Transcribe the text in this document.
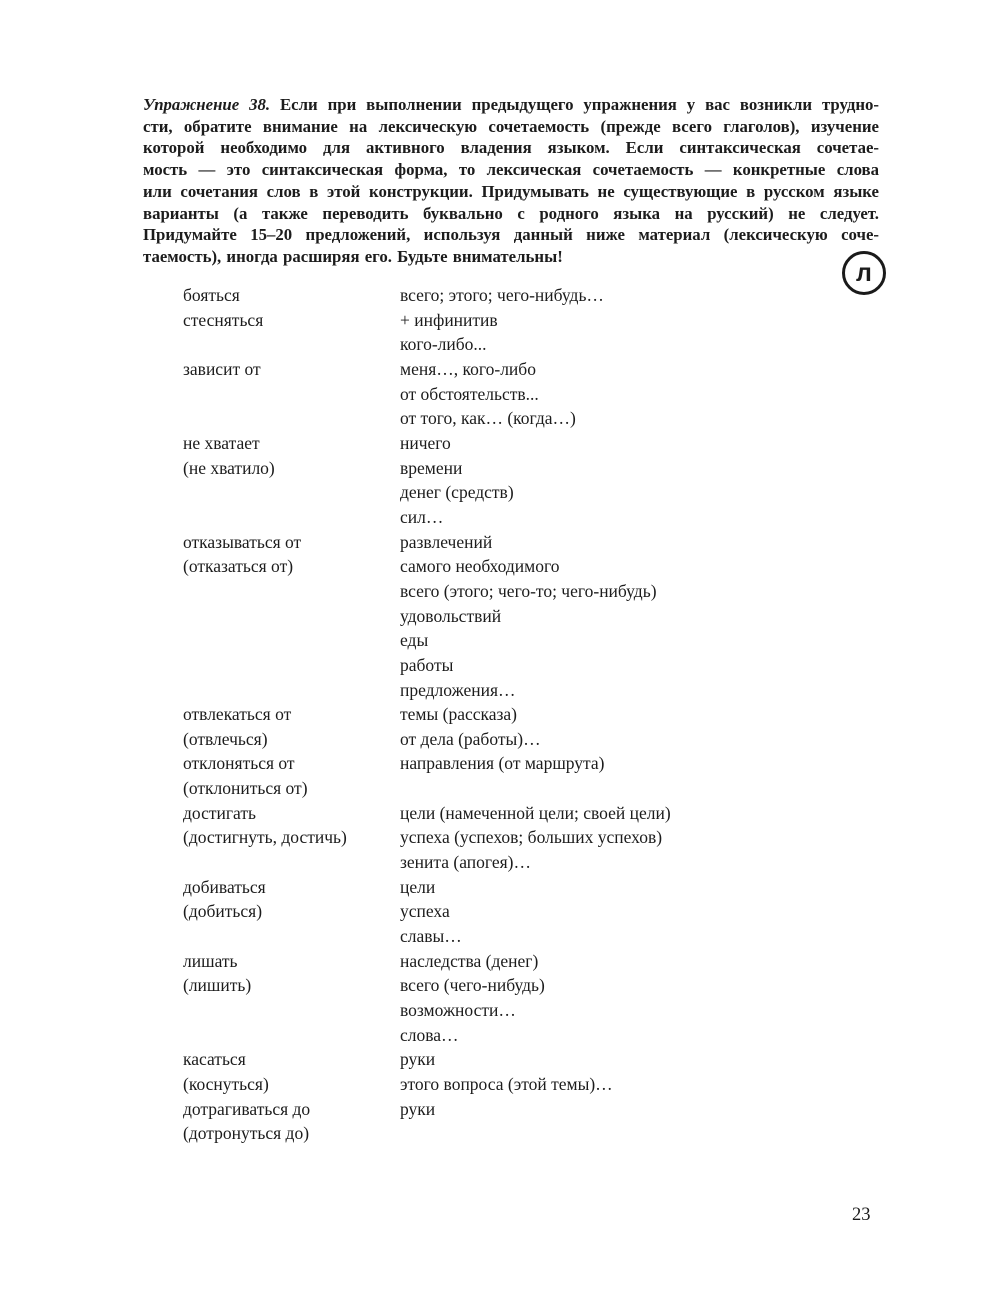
Упражнение 38. Если при выполнении предыдущего упражнения у вас возникли трудно-
сти, обратите внимание на лексическую сочетаемость (прежде всего глаголов), изучение
которой необходимо для активного владения языком. Если синтаксическая сочетае-
мость — это синтаксическая форма, то лексическая сочетаемость — конкретные слова
или сочетания слов в этой конструкции. Придумывать не существующие в русском языке
варианты (а также переводить буквально с родного языка на русский) не следует.
Придумайте 15–20 предложений, используя данный ниже материал (лексическую соче-
таемость), иногда расширяя его. Будьте внимательны!
л
бояться	всего; этого; чего-нибудь…
стесняться	+ инфинитив
	кого-либо...
зависит от	меня…, кого-либо
	от обстоятельств...
	от того, как… (когда…)
не хватает	ничего
(не хватило)	времени
	денег (средств)
	сил…
отказываться от	развлечений
(отказаться от)	самого необходимого
	всего (этого; чего-то; чего-нибудь)
	удовольствий
	еды
	работы
	предложения…
отвлекаться от	темы (рассказа)
(отвлечься)	от дела (работы)…
отклоняться от	направления (от маршрута)
(отклониться от)	
достигать	цели (намеченной цели; своей цели)
(достигнуть, достичь)	успеха (успехов; больших успехов)
	зенита (апогея)…
добиваться	цели
(добиться)	успеха
	славы…
лишать	наследства (денег)
(лишить)	всего (чего-нибудь)
	возможности…
	слова…
касаться	руки
(коснуться)	этого вопроса (этой темы)…
дотрагиваться до	руки
(дотронуться до)	
23
